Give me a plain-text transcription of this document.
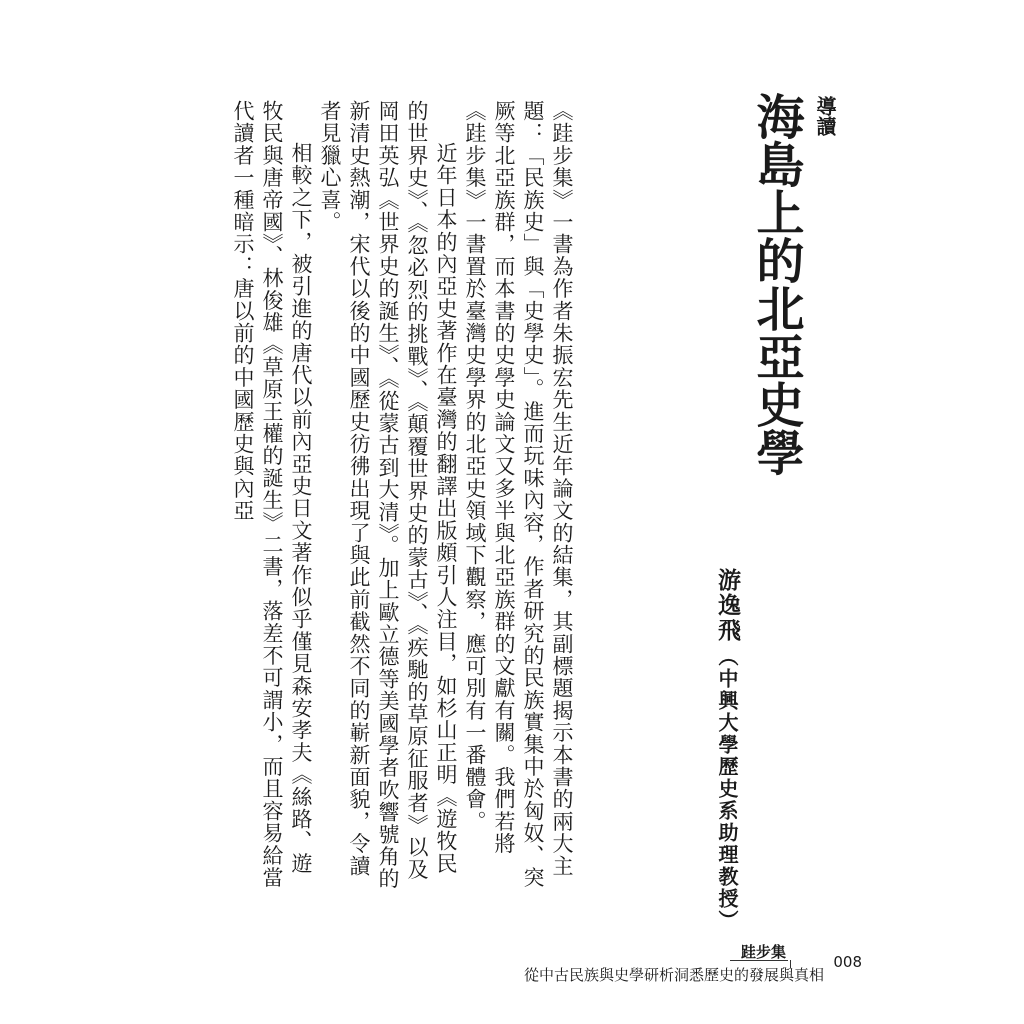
導讀
海島上的北亞史學
游逸飛
（中興大學歷史系助理教授）

《跬步集》一書為作者朱振宏先生近年論文的結集，其副標題揭示本書的兩大主題：「民族史」與「史學史」。進而玩味內容，作者研究的民族實集中於匈奴、突厥等北亞族群，而本書的史學史論文又多半與北亞族群的文獻有關。我們若將《跬步集》一書置於臺灣史學界的北亞史領域下觀察，應可別有一番體會。

近年日本的內亞史著作在臺灣的翻譯出版頗引人注目，如杉山正明《遊牧民的世界史》、《忽必烈的挑戰》、《顛覆世界史的蒙古》、《疾馳的草原征服者》以及岡田英弘《世界史的誕生》、《從蒙古到大清》。加上歐立德等美國學者吹響號角的新清史熱潮，宋代以後的中國歷史彷彿出現了與此前截然不同的嶄新面貌，令讀者見獵心喜。

相較之下，被引進的唐代以前內亞史日文著作似乎僅見森安孝夫《絲路、遊牧民與唐帝國》、林俊雄《草原王權的誕生》二書，落差不可謂小，而且容易給當代讀者一種暗示：唐以前的中國歷史與內亞

跬步集
008
從中古民族與史學研析洞悉歷史的發展與真相
